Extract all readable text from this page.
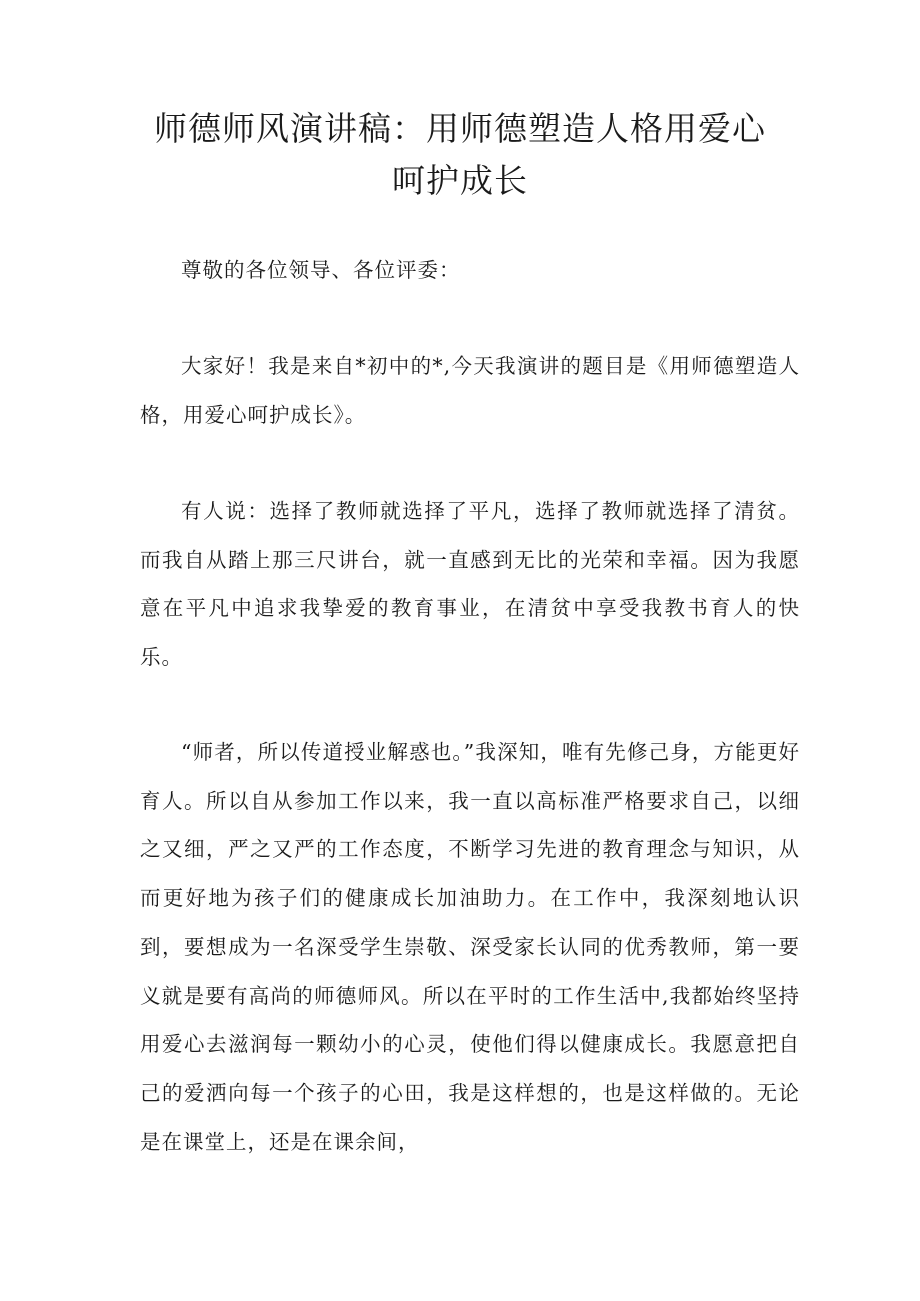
师德师风演讲稿：用师德塑造人格用爱心呵护成长

尊敬的各位领导、各位评委：

大家好！我是来自*初中的*,今天我演讲的题目是《用师德塑造人格，用爱心呵护成长》。

有人说：选择了教师就选择了平凡，选择了教师就选择了清贫。而我自从踏上那三尺讲台，就一直感到无比的光荣和幸福。因为我愿意在平凡中追求我挚爱的教育事业，在清贫中享受我教书育人的快乐。

“师者，所以传道授业解惑也。”我深知，唯有先修己身，方能更好育人。所以自从参加工作以来，我一直以高标准严格要求自己，以细之又细，严之又严的工作态度，不断学习先进的教育理念与知识，从而更好地为孩子们的健康成长加油助力。在工作中，我深刻地认识到，要想成为一名深受学生崇敬、深受家长认同的优秀教师，第一要义就是要有高尚的师德师风。所以在平时的工作生活中,我都始终坚持用爱心去滋润每一颗幼小的心灵，使他们得以健康成长。我愿意把自己的爱洒向每一个孩子的心田，我是这样想的，也是这样做的。无论是在课堂上，还是在课余间，
